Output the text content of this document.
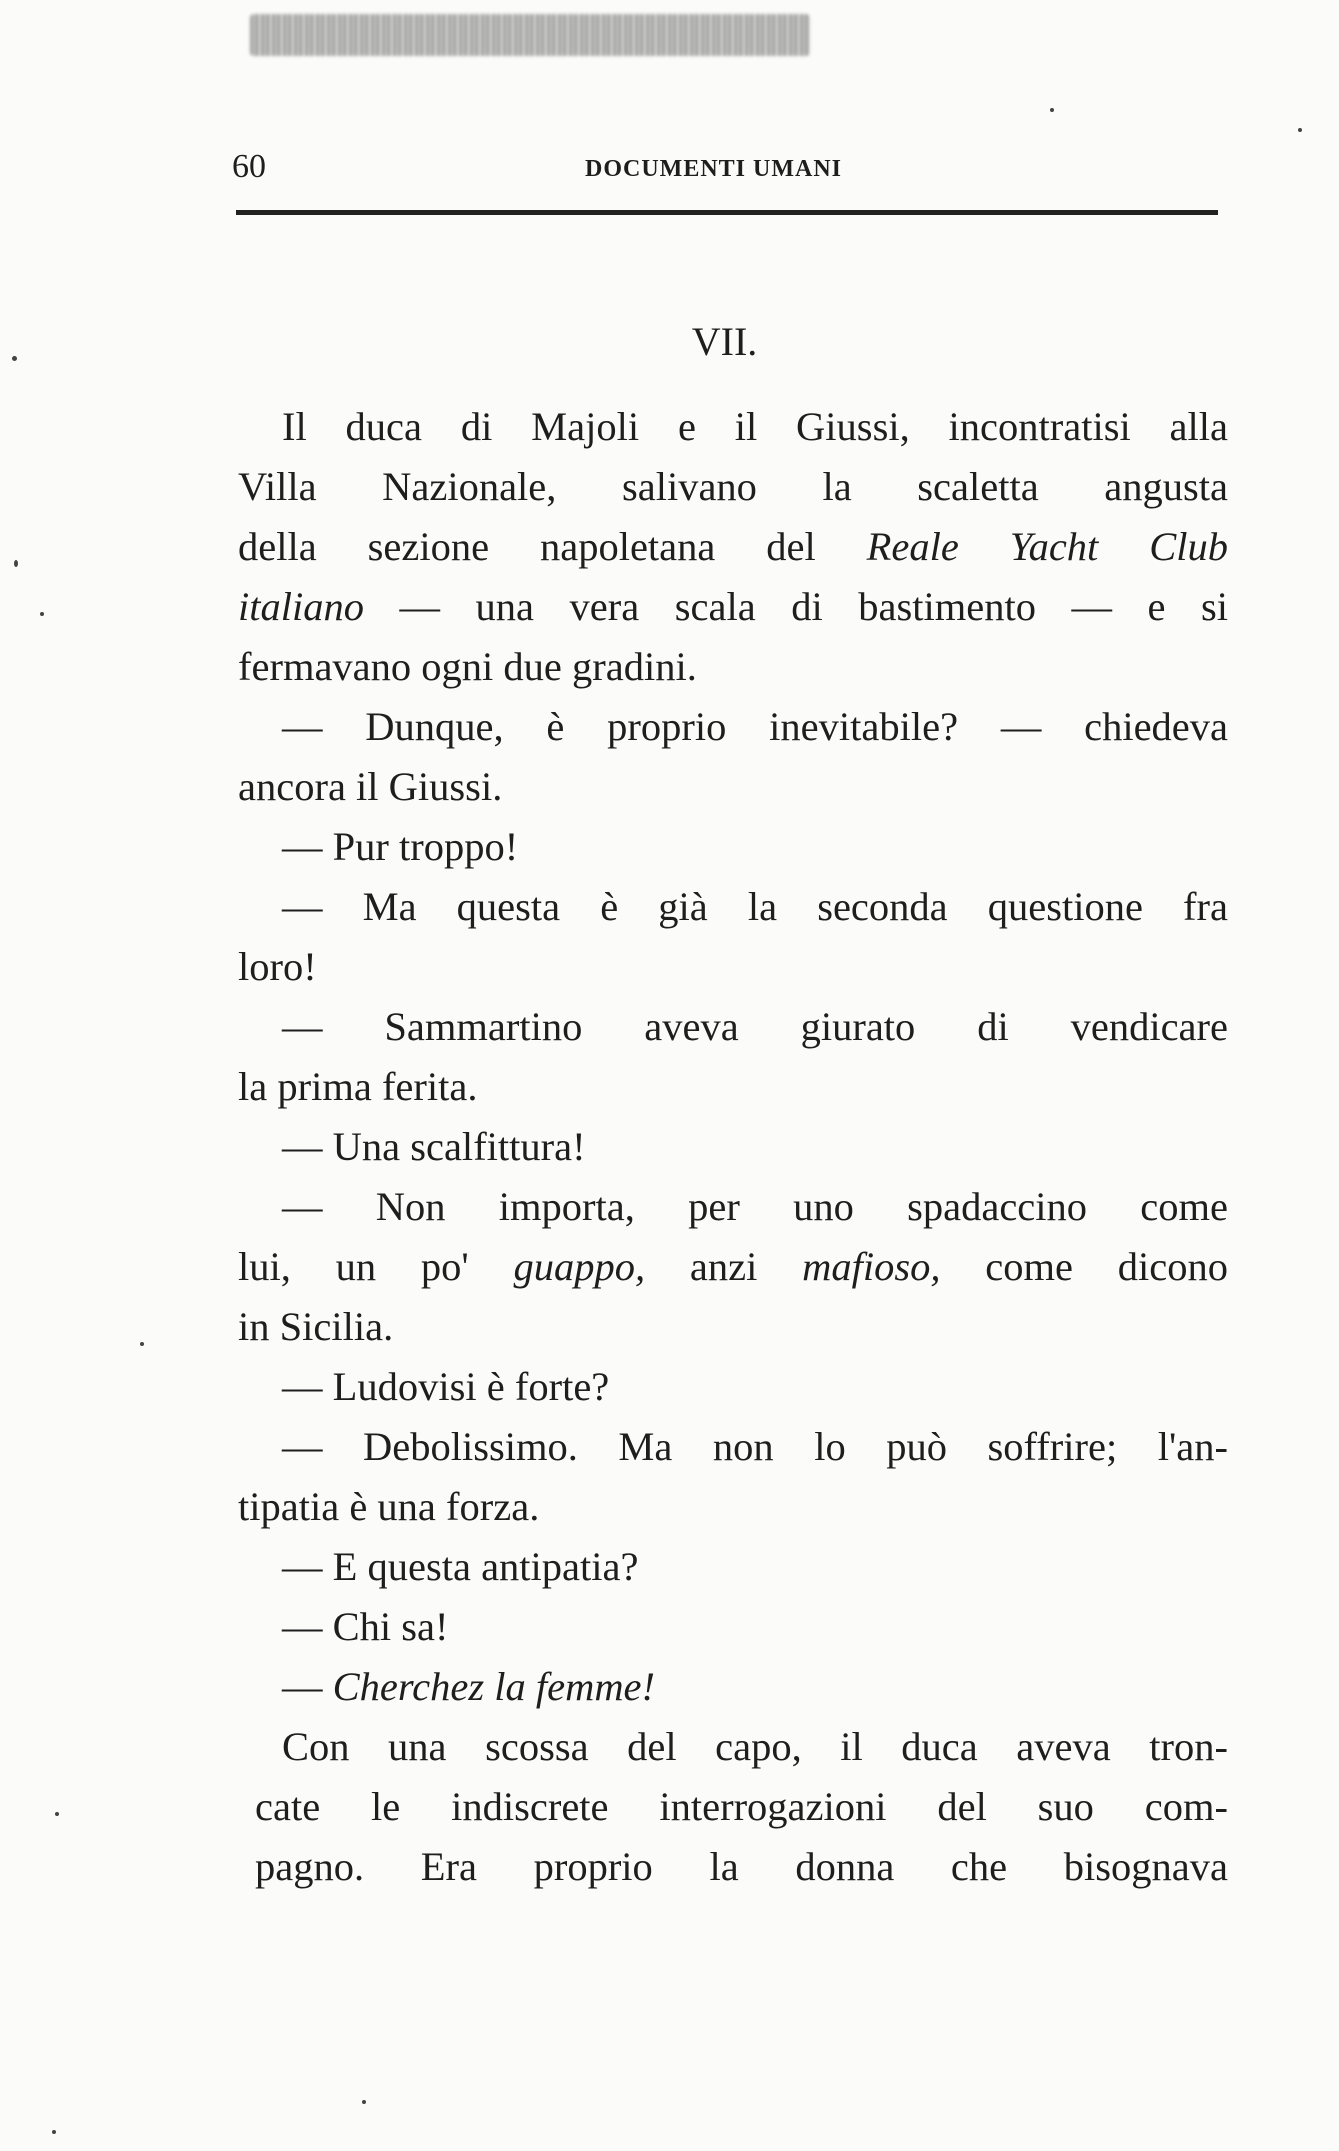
60	DOCUMENTI UMANI
VII.
Il duca di Majoli e il Giussi, incontratisi alla
Villa Nazionale, salivano la scaletta angusta
della sezione napoletana del Reale Yacht Club
italiano — una vera scala di bastimento — e si
fermavano ogni due gradini.
— Dunque, è proprio inevitabile? — chiedeva
ancora il Giussi.
— Pur troppo!
— Ma questa è già la seconda questione fra
loro!
— Sammartino aveva giurato di vendicare
la prima ferita.
— Una scalfittura!
— Non importa, per uno spadaccino come
lui, un po' guappo, anzi mafioso, come dicono
in Sicilia.
— Ludovisi è forte?
— Debolissimo. Ma non lo può soffrire; l'an-
tipatia è una forza.
— E questa antipatia?
— Chi sa!
— Cherchez la femme!
Con una scossa del capo, il duca aveva tron-
cate le indiscrete interrogazioni del suo com-
pagno. Era proprio la donna che bisognava
